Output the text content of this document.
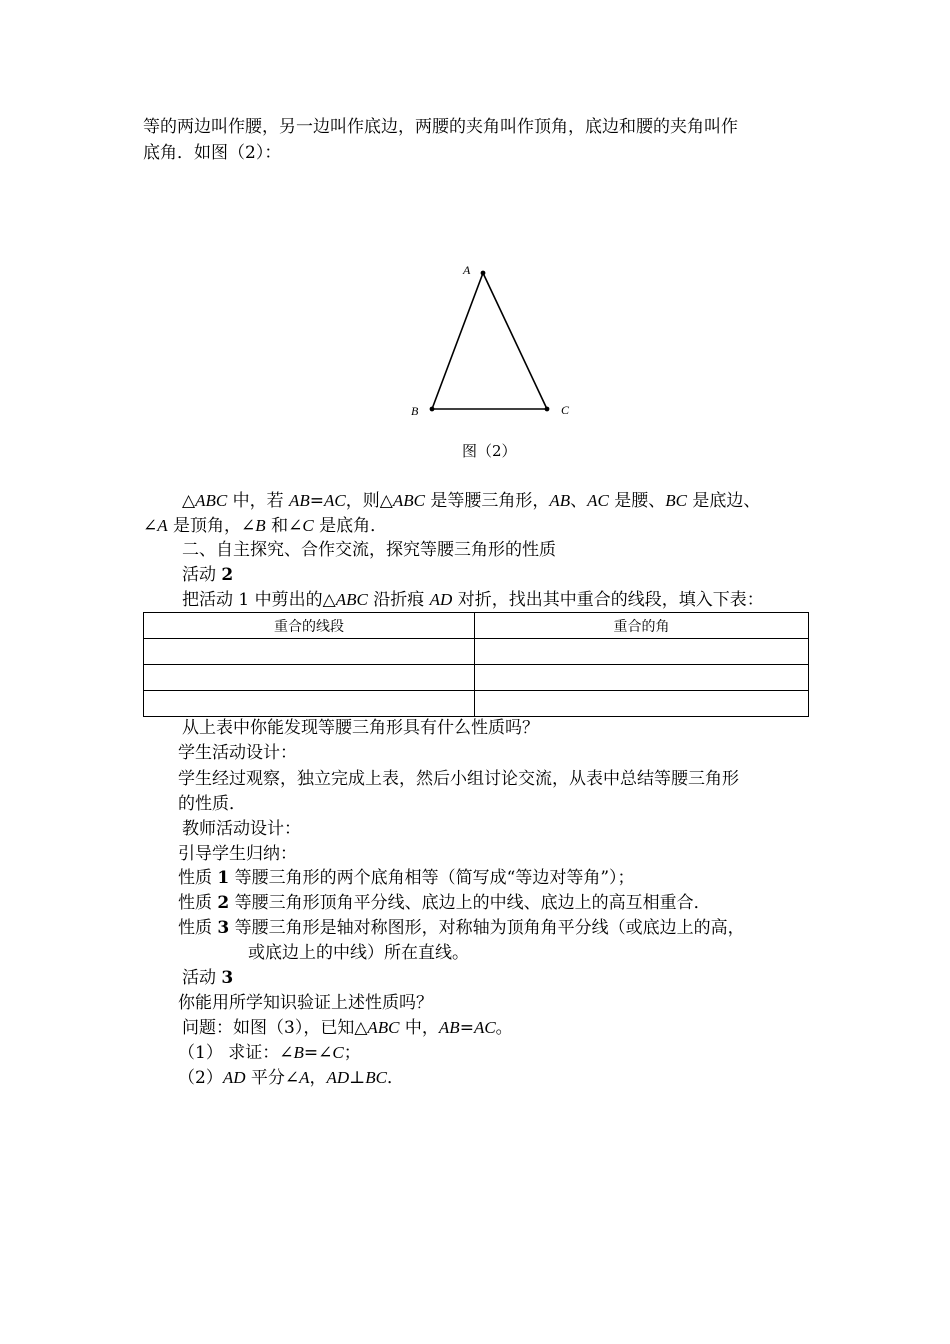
等的两边叫作腰，另一边叫作底边，两腰的夹角叫作顶角，底边和腰的夹角叫作
底角．如图（2）：
A
B	C
图（2）
△ABC 中，若 AB=AC，则△ABC 是等腰三角形，AB、AC 是腰、BC 是底边、
∠A 是顶角，∠B 和∠C 是底角．
二、自主探究、合作交流，探究等腰三角形的性质
活动 2
把活动 1 中剪出的△ABC 沿折痕 AD 对折，找出其中重合的线段，填入下表：
重合的线段	重合的角

从上表中你能发现等腰三角形具有什么性质吗？
学生活动设计：
学生经过观察，独立完成上表，然后小组讨论交流，从表中总结等腰三角形
的性质．
教师活动设计：
引导学生归纳：
性质 1 等腰三角形的两个底角相等（简写成“等边对等角”）；
性质 2 等腰三角形顶角平分线、底边上的中线、底边上的高互相重合．
性质 3 等腰三角形是轴对称图形，对称轴为顶角角平分线（或底边上的高，
或底边上的中线）所在直线。
活动 3
你能用所学知识验证上述性质吗？
问题：如图（3），已知△ABC 中，AB=AC。
（1） 求证：∠B=∠C；
（2）AD 平分∠A，AD⊥BC．
